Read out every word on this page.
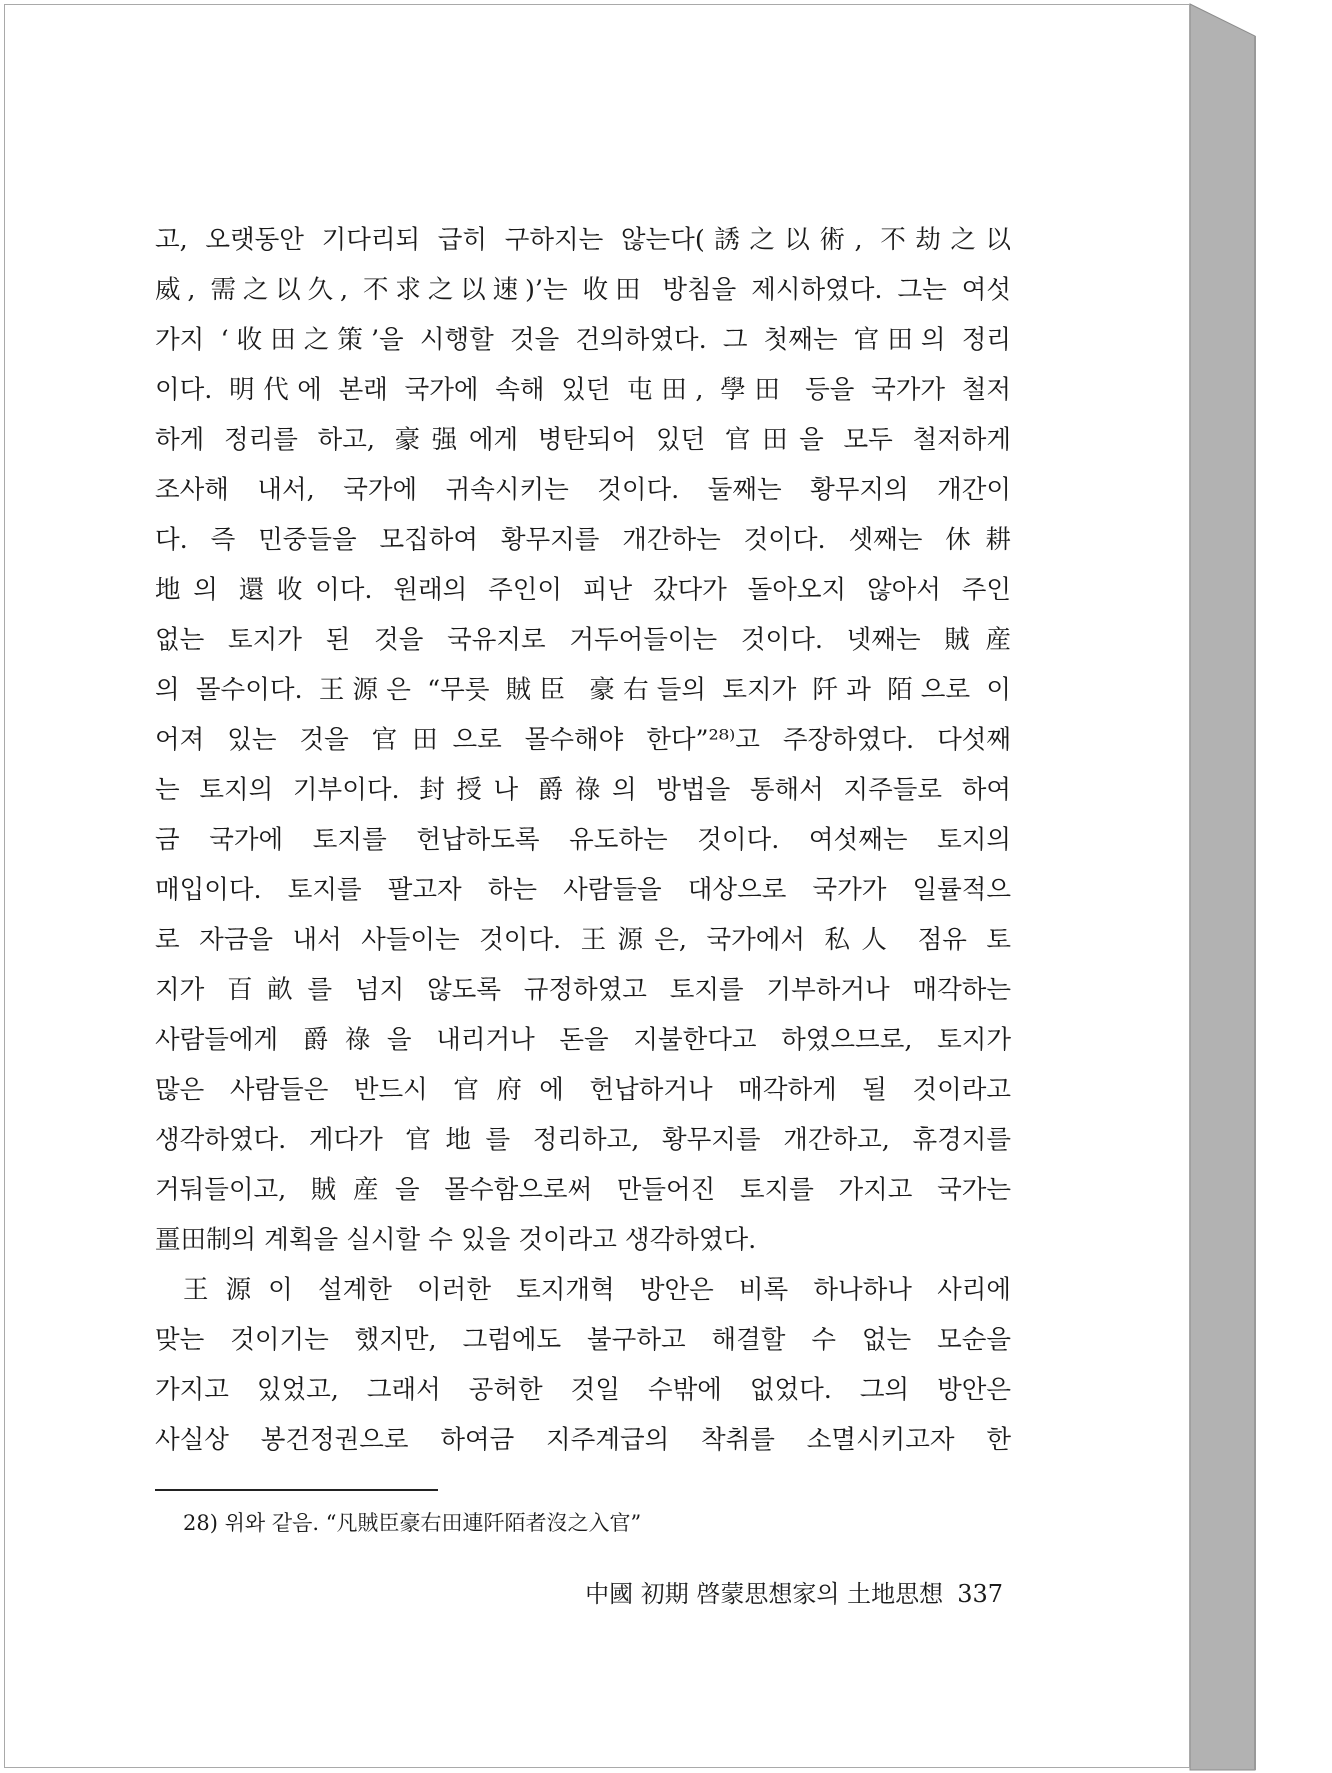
고, 오랫동안 기다리되 급히 구하지는 않는다(誘之以術, 不劫之以
威, 需之以久, 不求之以速)’는 收田 방침을 제시하였다. 그는 여섯
가지 ‘收田之策’을 시행할 것을 건의하였다. 그 첫째는 官田의 정리
이다. 明代에 본래 국가에 속해 있던 屯田, 學田 등을 국가가 철저
하게 정리를 하고, 豪强에게 병탄되어 있던 官田을 모두 철저하게
조사해 내서, 국가에 귀속시키는 것이다. 둘째는 황무지의 개간이
다. 즉 민중들을 모집하여 황무지를 개간하는 것이다. 셋째는 休耕
地의 還收이다. 원래의 주인이 피난 갔다가 돌아오지 않아서 주인
없는 토지가 된 것을 국유지로 거두어들이는 것이다. 넷째는 賊産
의 몰수이다. 王源은 “무릇 賊臣 豪右들의 토지가 阡과 陌으로 이
어져 있는 것을 官田으로 몰수해야 한다”²⁸⁾고 주장하였다. 다섯째
는 토지의 기부이다. 封授나 爵祿의 방법을 통해서 지주들로 하여
금 국가에 토지를 헌납하도록 유도하는 것이다. 여섯째는 토지의
매입이다. 토지를 팔고자 하는 사람들을 대상으로 국가가 일률적으
로 자금을 내서 사들이는 것이다. 王源은, 국가에서 私人 점유 토
지가 百畝를 넘지 않도록 규정하였고 토지를 기부하거나 매각하는
사람들에게 爵祿을 내리거나 돈을 지불한다고 하였으므로, 토지가
많은 사람들은 반드시 官府에 헌납하거나 매각하게 될 것이라고
생각하였다. 게다가 官地를 정리하고, 황무지를 개간하고, 휴경지를
거둬들이고, 賊産을 몰수함으로써 만들어진 토지를 가지고 국가는
畺田制의 계획을 실시할 수 있을 것이라고 생각하였다.
王源이 설계한 이러한 토지개혁 방안은 비록 하나하나 사리에
맞는 것이기는 했지만, 그럼에도 불구하고 해결할 수 없는 모순을
가지고 있었고, 그래서 공허한 것일 수밖에 없었다. 그의 방안은
사실상 봉건정권으로 하여금 지주계급의 착취를 소멸시키고자 한
28) 위와 같음. “凡賊臣豪右田連阡陌者沒之入官”
中國 初期 啓蒙思想家의 土地思想 337
